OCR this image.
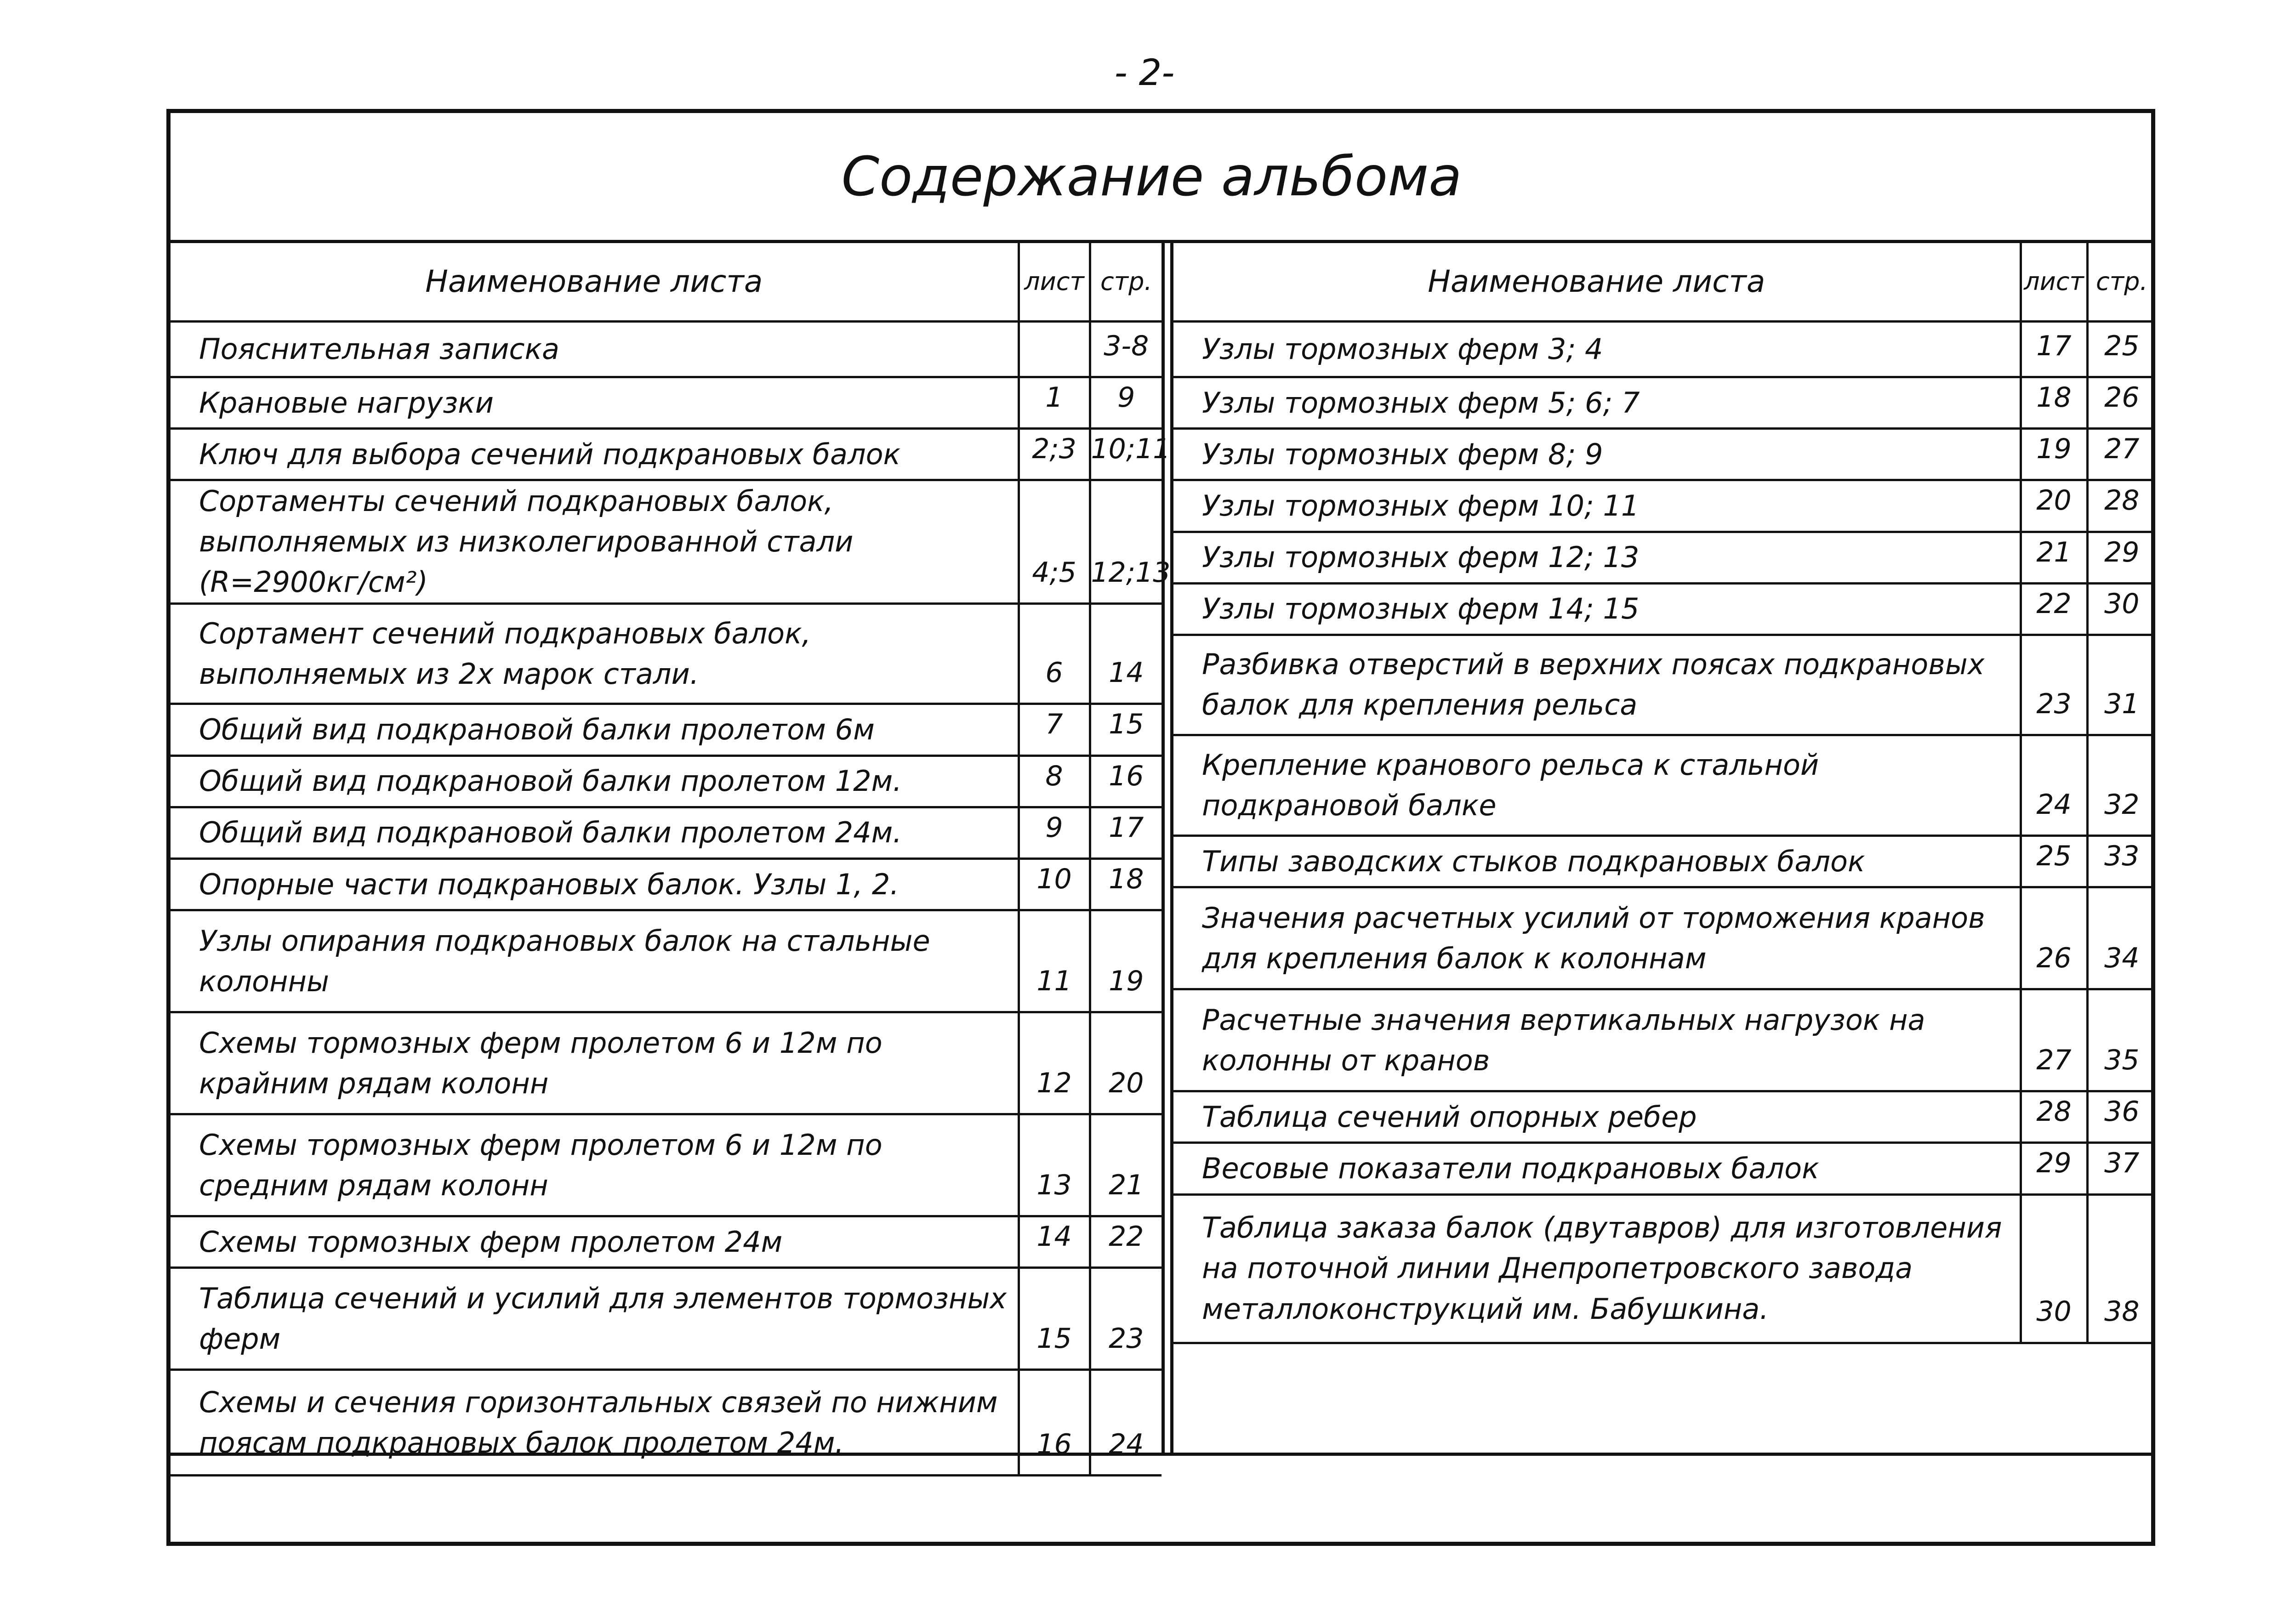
- 2-
Содержание альбома
Наименование листа	лист	стр.
Пояснительная записка		3-8
Крановые нагрузки	1	9
Ключ для выбора сечений подкрановых балок	2;3	10;11
Сортаменты сечений подкрановых балок, выполняемых из низколегированной стали (R=2900кг/см²)	4;5	12;13
Сортамент сечений подкрановых балок, выполняемых из 2х марок стали.	6	14
Общий вид подкрановой балки пролетом 6м	7	15
Общий вид подкрановой балки пролетом 12м.	8	16
Общий вид подкрановой балки пролетом 24м.	9	17
Опорные части подкрановых балок. Узлы 1, 2.	10	18
Узлы опирания подкрановых балок на стальные колонны	11	19
Схемы тормозных ферм пролетом 6 и 12м по крайним рядам колонн	12	20
Схемы тормозных ферм пролетом 6 и 12м по средним рядам колонн	13	21
Схемы тормозных ферм пролетом 24м	14	22
Таблица сечений и усилий для элементов тормозных ферм	15	23
Схемы и сечения горизонтальных связей по нижним поясам подкрановых балок пролетом 24м.	16	24
Наименование листа	лист	стр.
Узлы тормозных ферм 3; 4	17	25
Узлы тормозных ферм 5; 6; 7	18	26
Узлы тормозных ферм 8; 9	19	27
Узлы тормозных ферм 10; 11	20	28
Узлы тормозных ферм 12; 13	21	29
Узлы тормозных ферм 14; 15	22	30
Разбивка отверстий в верхних поясах подкрановых балок для крепления рельса	23	31
Крепление кранового рельса к стальной подкрановой балке	24	32
Типы заводских стыков подкрановых балок	25	33
Значения расчетных усилий от торможения кранов для крепления балок к колоннам	26	34
Расчетные значения вертикальных нагрузок на колонны от кранов	27	35
Таблица сечений опорных ребер	28	36
Весовые показатели подкрановых балок	29	37
Таблица заказа балок (двутавров) для изготовления на поточной линии Днепропетровского завода металлоконструкций им. Бабушкина.	30	38
